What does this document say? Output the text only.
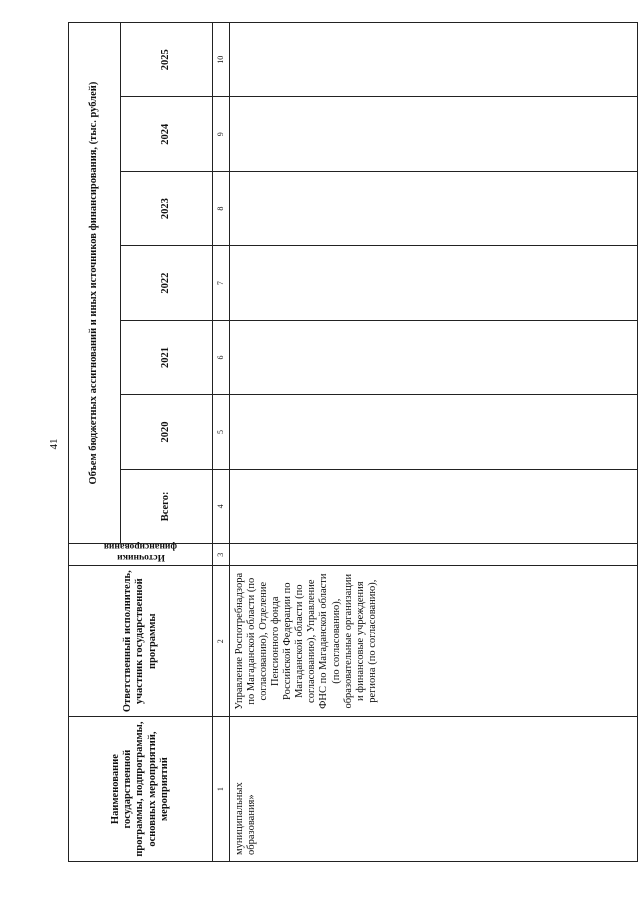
41
Наименование государственной программы, подпрограммы, основных мероприятий, мероприятий	Ответственный исполнитель, участник государственной программы	Источники финансирования	Объем бюджетных ассигнований и иных источников финансирования, (тыс. рублей)						
			Всего:	2020	2021	2022	2023	2024	2025
1	2	3	4	5	6	7	8	9	10
муниципальных образования»	Управление Роспотребнадзора по Магаданской области (по согласованию), Отделение Пенсионного фонда Российской Федерации по Магаданской области (по согласованию), Управление ФНС по Магаданской области (по согласованию), образовательные организации и финансовые учреждения региона (по согласованию),								
